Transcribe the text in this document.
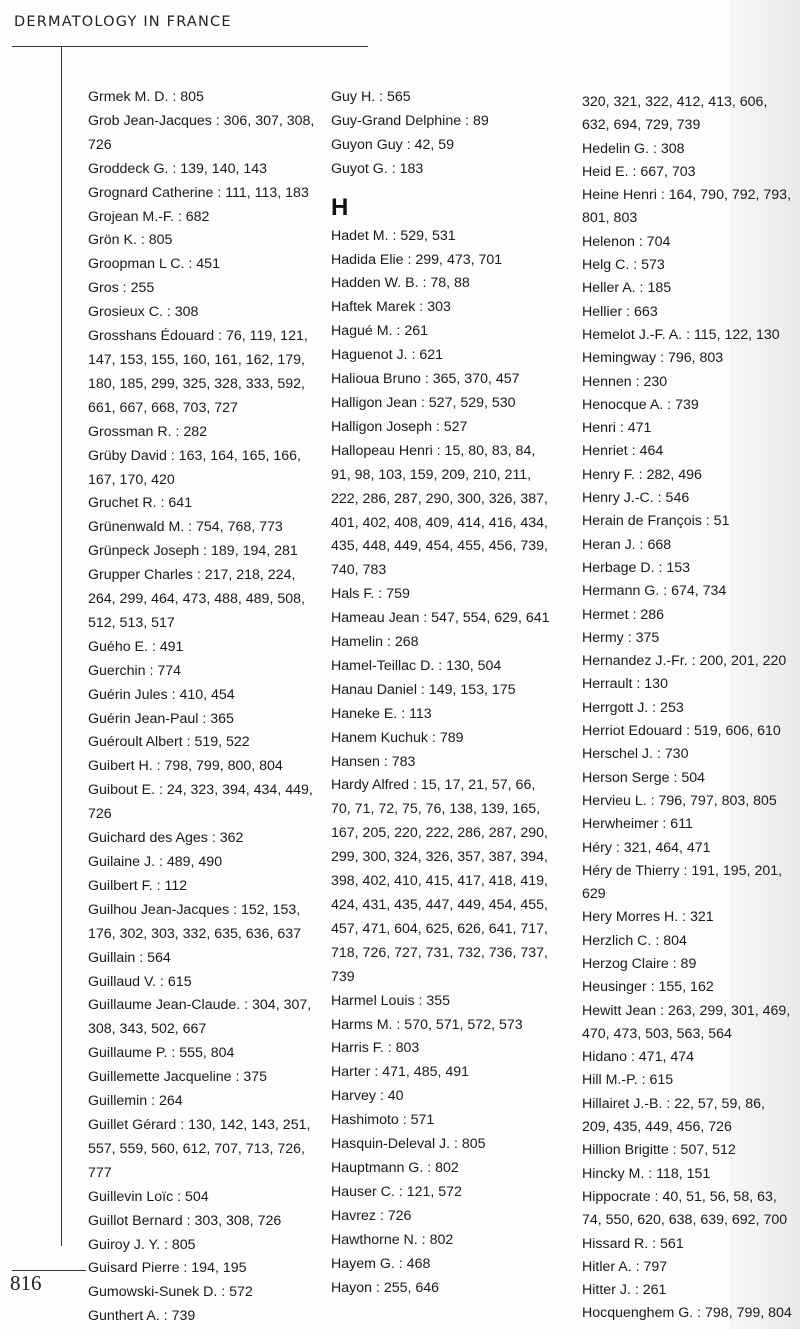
DERMATOLOGY IN FRANCE
Grmek M. D. : 805
Grob Jean-Jacques : 306, 307, 308, 726
Groddeck G. : 139, 140, 143
Grognard Catherine : 111, 113, 183
Grojean M.-F. : 682
Grön K. : 805
Groopman L C. : 451
Gros : 255
Grosieux C. : 308
Grosshans Édouard : 76, 119, 121, 147, 153, 155, 160, 161, 162, 179, 180, 185, 299, 325, 328, 333, 592, 661, 667, 668, 703, 727
Grossman R. : 282
Grüby David : 163, 164, 165, 166, 167, 170, 420
Gruchet R. : 641
Grünenwald M. : 754, 768, 773
Grünpeck Joseph : 189, 194, 281
Grupper Charles : 217, 218, 224, 264, 299, 464, 473, 488, 489, 508, 512, 513, 517
Guého E. : 491
Guerchin : 774
Guérin Jules : 410, 454
Guérin Jean-Paul : 365
Guéroult Albert : 519, 522
Guibert H. : 798, 799, 800, 804
Guibout E. : 24, 323, 394, 434, 449, 726
Guichard des Ages : 362
Guilaine J. : 489, 490
Guilbert F. : 112
Guilhou Jean-Jacques : 152, 153, 176, 302, 303, 332, 635, 636, 637
Guillain : 564
Guillaud V. : 615
Guillaume Jean-Claude. : 304, 307, 308, 343, 502, 667
Guillaume P. : 555, 804
Guillemette Jacqueline : 375
Guillemin : 264
Guillet Gérard : 130, 142, 143, 251, 557, 559, 560, 612, 707, 713, 726, 777
Guillevin Loïc : 504
Guillot Bernard : 303, 308, 726
Guiroy J. Y. : 805
Guisard Pierre : 194, 195
Gumowski-Sunek D. : 572
Gunthert A. : 739
Guy H. : 565
Guy-Grand Delphine : 89
Guyon Guy : 42, 59
Guyot G. : 183
H
Hadet M. : 529, 531
Hadida Elie : 299, 473, 701
Hadden W. B. : 78, 88
Haftek Marek : 303
Hagué M. : 261
Haguenot J. : 621
Halioua Bruno : 365, 370, 457
Halligon Jean : 527, 529, 530
Halligon Joseph : 527
Hallopeau Henri : 15, 80, 83, 84, 91, 98, 103, 159, 209, 210, 211, 222, 286, 287, 290, 300, 326, 387, 401, 402, 408, 409, 414, 416, 434, 435, 448, 449, 454, 455, 456, 739, 740, 783
Hals F. : 759
Hameau Jean : 547, 554, 629, 641
Hamelin : 268
Hamel-Teillac D. : 130, 504
Hanau Daniel : 149, 153, 175
Haneke E. : 113
Hanem Kuchuk : 789
Hansen : 783
Hardy Alfred : 15, 17, 21, 57, 66, 70, 71, 72, 75, 76, 138, 139, 165, 167, 205, 220, 222, 286, 287, 290, 299, 300, 324, 326, 357, 387, 394, 398, 402, 410, 415, 417, 418, 419, 424, 431, 435, 447, 449, 454, 455, 457, 471, 604, 625, 626, 641, 717, 718, 726, 727, 731, 732, 736, 737, 739
Harmel Louis : 355
Harms M. : 570, 571, 572, 573
Harris F. : 803
Harter : 471, 485, 491
Harvey : 40
Hashimoto : 571
Hasquin-Deleval J. : 805
Hauptmann G. : 802
Hauser C. : 121, 572
Havrez : 726
Hawthorne N. : 802
Hayem G. : 468
Hayon : 255, 646
320, 321, 322, 412, 413, 606, 632, 694, 729, 739
Hedelin G. : 308
Heid E. : 667, 703
Heine Henri : 164, 790, 792, 793, 801, 803
Helenon : 704
Helg C. : 573
Heller A. : 185
Hellier : 663
Hemelot J.-F. A. : 115, 122, 130
Hemingway : 796, 803
Hennen : 230
Henocque A. : 739
Henri : 471
Henriet : 464
Henry F. : 282, 496
Henry J.-C. : 546
Herain de François : 51
Heran J. : 668
Herbage D. : 153
Hermann G. : 674, 734
Hermet : 286
Hermy : 375
Hernandez J.-Fr. : 200, 201, 220
Herrault : 130
Herrgott J. : 253
Herriot Edouard : 519, 606, 610
Herschel J. : 730
Herson Serge : 504
Hervieu L. : 796, 797, 803, 805
Herwheimer : 611
Héry : 321, 464, 471
Héry de Thierry : 191, 195, 201, 629
Hery Morres H. : 321
Herzlich C. : 804
Herzog Claire : 89
Heusinger : 155, 162
Hewitt Jean : 263, 299, 301, 469, 470, 473, 503, 563, 564
Hidano : 471, 474
Hill M.-P. : 615
Hillairet J.-B. : 22, 57, 59, 86, 209, 435, 449, 456, 726
Hillion Brigitte : 507, 512
Hincky M. : 118, 151
Hippocrate : 40, 51, 56, 58, 63, 74, 550, 620, 638, 639, 692, 700
Hissard R. : 561
Hitler A. : 797
Hitter J. : 261
Hocquenghem G. : 798, 799, 804
816
